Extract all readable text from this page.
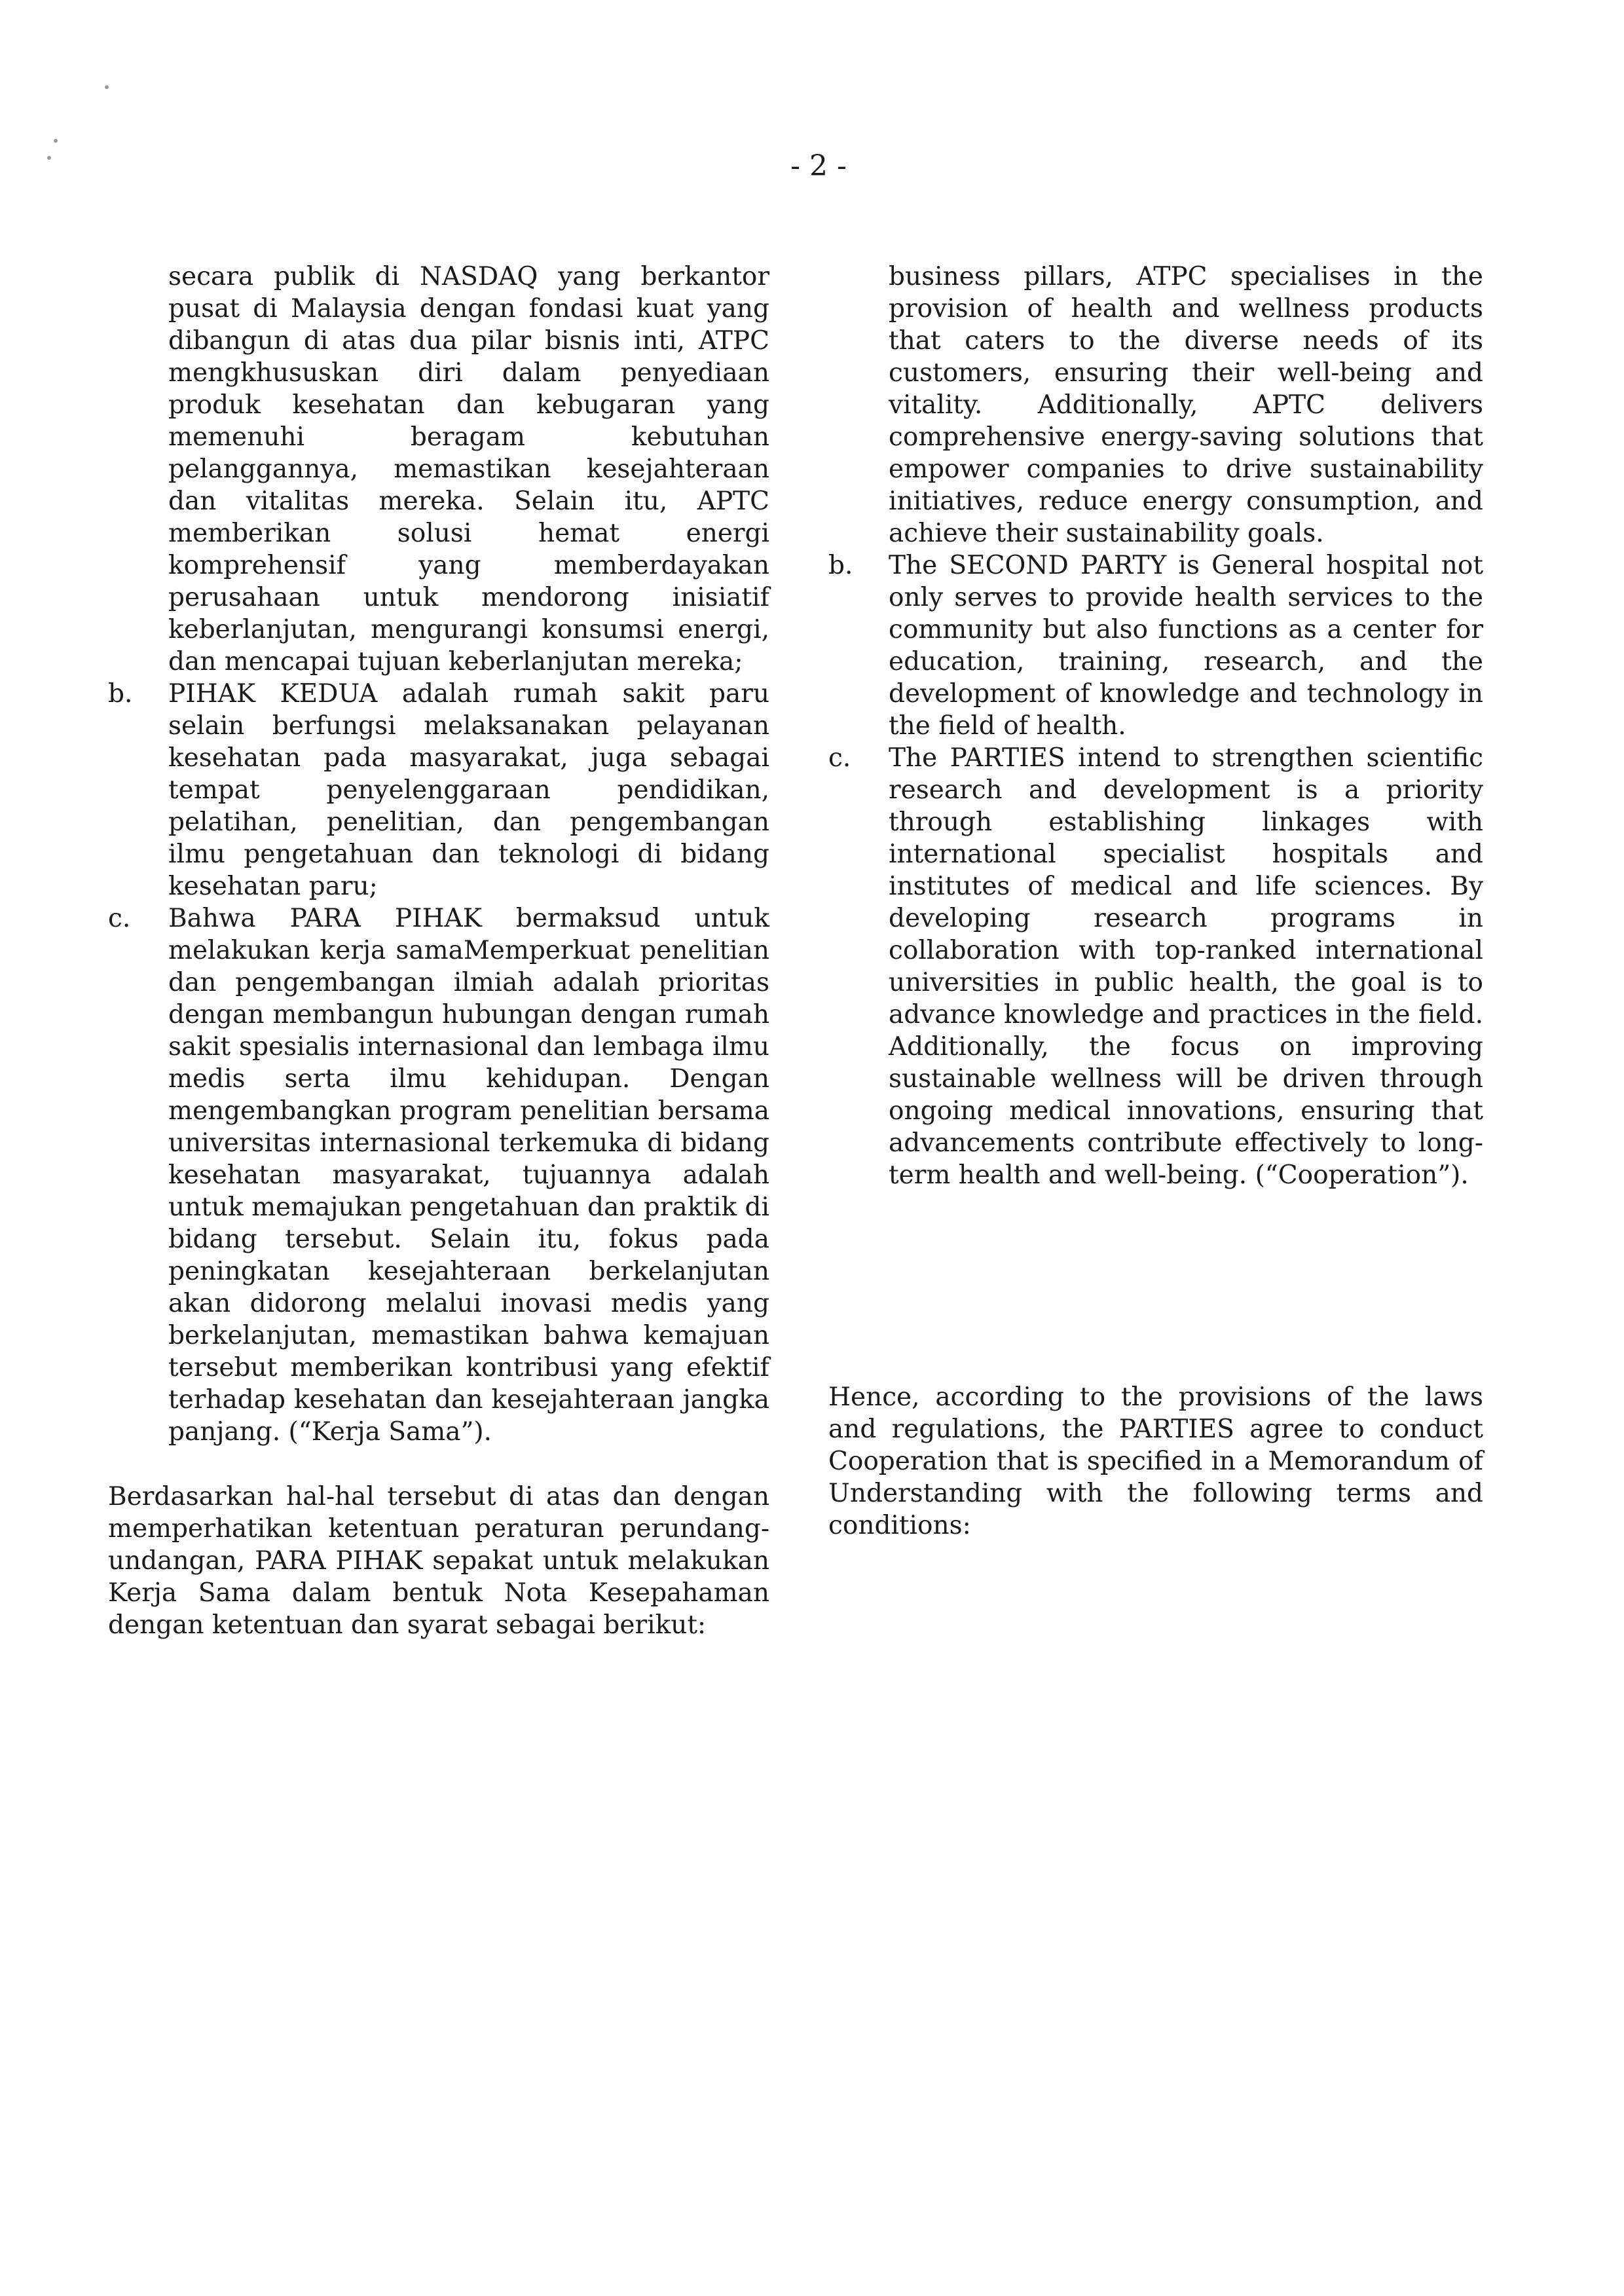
- 2 -

secara publik di NASDAQ yang berkantor pusat di Malaysia dengan fondasi kuat yang dibangun di atas dua pilar bisnis inti, ATPC mengkhususkan diri dalam penyediaan produk kesehatan dan kebugaran yang memenuhi beragam kebutuhan pelanggannya, memastikan kesejahteraan dan vitalitas mereka. Selain itu, APTC memberikan solusi hemat energi komprehensif yang memberdayakan perusahaan untuk mendorong inisiatif keberlanjutan, mengurangi konsumsi energi, dan mencapai tujuan keberlanjutan mereka;

b.	PIHAK KEDUA adalah rumah sakit paru selain berfungsi melaksanakan pelayanan kesehatan pada masyarakat, juga sebagai tempat penyelenggaraan pendidikan, pelatihan, penelitian, dan pengembangan ilmu pengetahuan dan teknologi di bidang kesehatan paru;

c.	Bahwa PARA PIHAK bermaksud untuk melakukan kerja samaMemperkuat penelitian dan pengembangan ilmiah adalah prioritas dengan membangun hubungan dengan rumah sakit spesialis internasional dan lembaga ilmu medis serta ilmu kehidupan. Dengan mengembangkan program penelitian bersama universitas internasional terkemuka di bidang kesehatan masyarakat, tujuannya adalah untuk memajukan pengetahuan dan praktik di bidang tersebut. Selain itu, fokus pada peningkatan kesejahteraan berkelanjutan akan didorong melalui inovasi medis yang berkelanjutan, memastikan bahwa kemajuan tersebut memberikan kontribusi yang efektif terhadap kesehatan dan kesejahteraan jangka panjang. (“Kerja Sama”).

Berdasarkan hal-hal tersebut di atas dan dengan memperhatikan ketentuan peraturan perundang-undangan, PARA PIHAK sepakat untuk melakukan Kerja Sama dalam bentuk Nota Kesepahaman dengan ketentuan dan syarat sebagai berikut:

business pillars, ATPC specialises in the provision of health and wellness products that caters to the diverse needs of its customers, ensuring their well-being and vitality. Additionally, APTC delivers comprehensive energy-saving solutions that empower companies to drive sustainability initiatives, reduce energy consumption, and achieve their sustainability goals.

b.	The SECOND PARTY is General hospital not only serves to provide health services to the community but also functions as a center for education, training, research, and the development of knowledge and technology in the field of health.

c.	The PARTIES intend to strengthen scientific research and development is a priority through establishing linkages with international specialist hospitals and institutes of medical and life sciences. By developing research programs in collaboration with top-ranked international universities in public health, the goal is to advance knowledge and practices in the field. Additionally, the focus on improving sustainable wellness will be driven through ongoing medical innovations, ensuring that advancements contribute effectively to long-term health and well-being. (“Cooperation”).

Hence, according to the provisions of the laws and regulations, the PARTIES agree to conduct Cooperation that is specified in a Memorandum of Understanding with the following terms and conditions:
